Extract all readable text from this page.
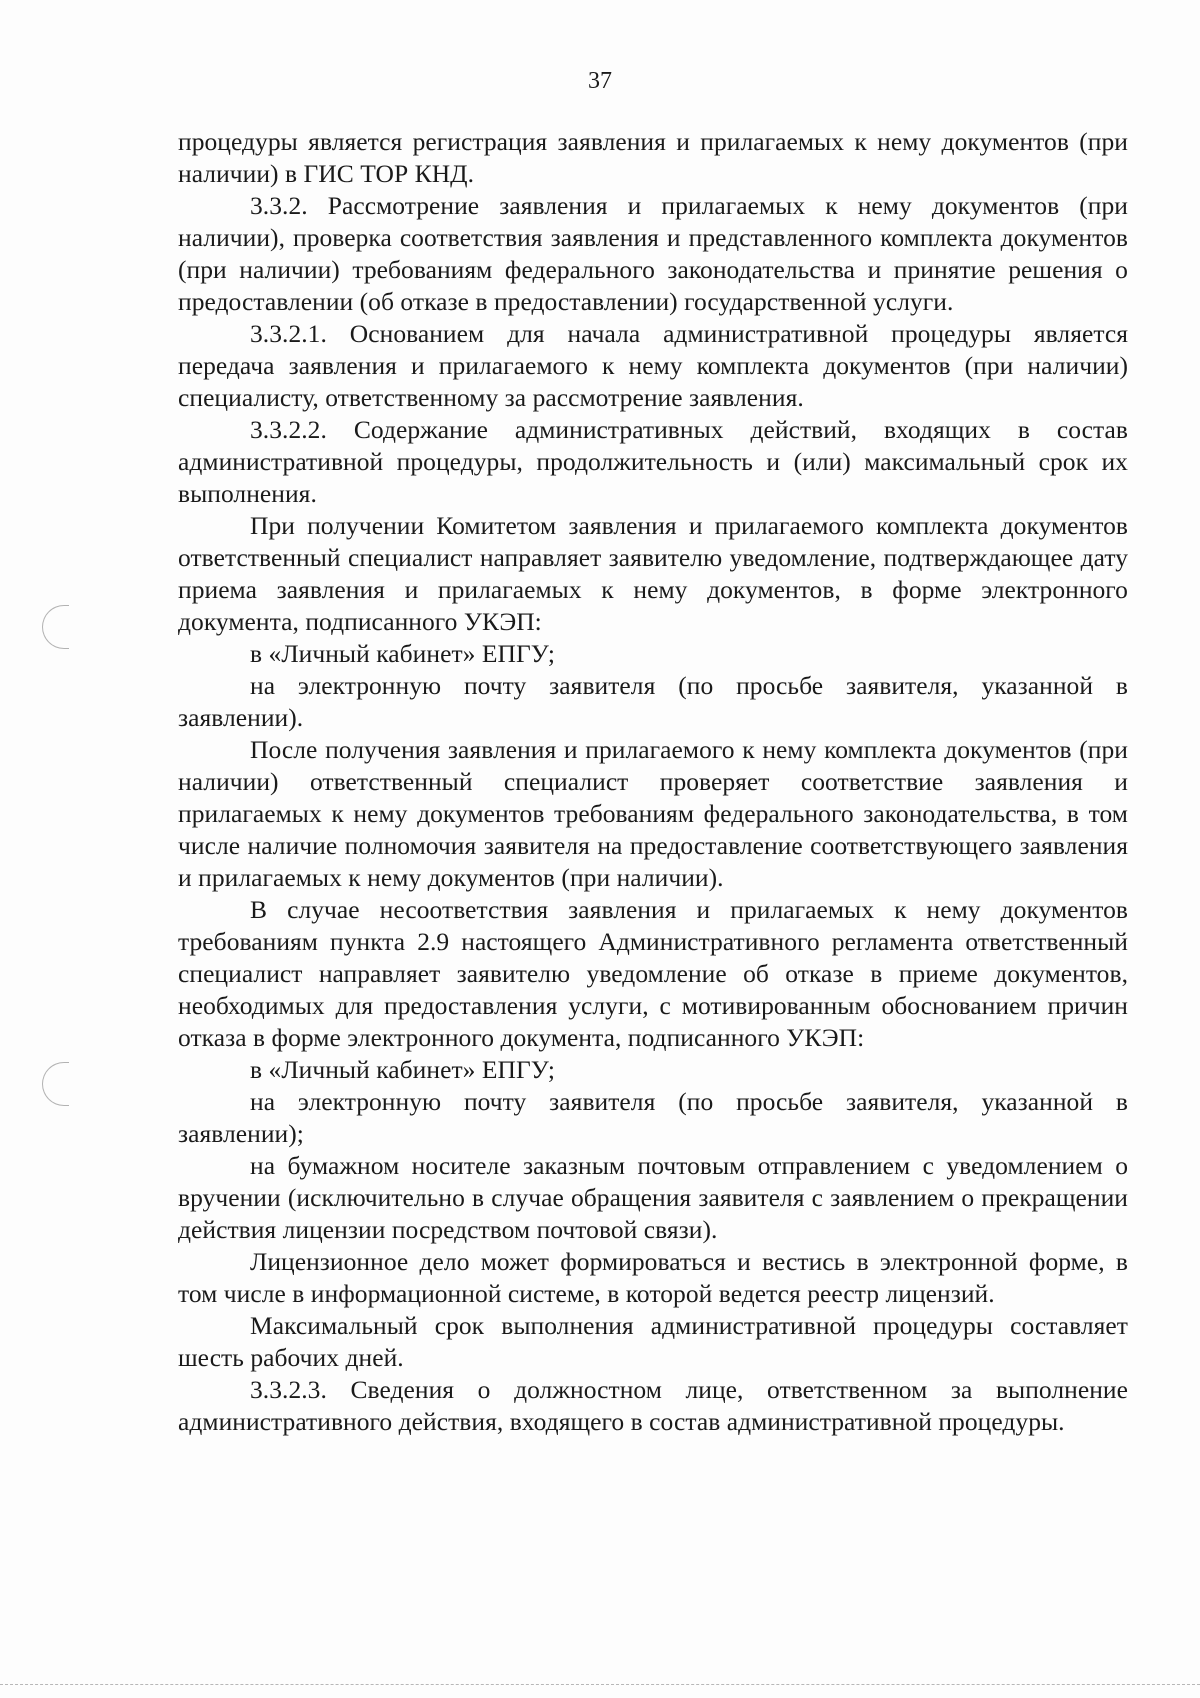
37

процедуры является регистрация заявления и прилагаемых к нему документов (при наличии) в ГИС ТОР КНД.

3.3.2. Рассмотрение заявления и прилагаемых к нему документов (при наличии), проверка соответствия заявления и представленного комплекта документов (при наличии) требованиям федерального законодательства и принятие решения о предоставлении (об отказе в предоставлении) государственной услуги.

3.3.2.1. Основанием для начала административной процедуры является передача заявления и прилагаемого к нему комплекта документов (при наличии) специалисту, ответственному за рассмотрение заявления.

3.3.2.2. Содержание административных действий, входящих в состав административной процедуры, продолжительность и (или) максимальный срок их выполнения.

При получении Комитетом заявления и прилагаемого комплекта документов ответственный специалист направляет заявителю уведомление, подтверждающее дату приема заявления и прилагаемых к нему документов, в форме электронного документа, подписанного УКЭП:

в «Личный кабинет» ЕПГУ;

на электронную почту заявителя (по просьбе заявителя, указанной в заявлении).

После получения заявления и прилагаемого к нему комплекта документов (при наличии) ответственный специалист проверяет соответствие заявления и прилагаемых к нему документов требованиям федерального законодательства, в том числе наличие полномочия заявителя на предоставление соответствующего заявления и прилагаемых к нему документов (при наличии).

В случае несоответствия заявления и прилагаемых к нему документов требованиям пункта 2.9 настоящего Административного регламента ответственный специалист направляет заявителю уведомление об отказе в приеме документов, необходимых для предоставления услуги, с мотивированным обоснованием причин отказа в форме электронного документа, подписанного УКЭП:

в «Личный кабинет» ЕПГУ;

на электронную почту заявителя (по просьбе заявителя, указанной в заявлении);

на бумажном носителе заказным почтовым отправлением с уведомлением о вручении (исключительно в случае обращения заявителя с заявлением о прекращении действия лицензии посредством почтовой связи).

Лицензионное дело может формироваться и вестись в электронной форме, в том числе в информационной системе, в которой ведется реестр лицензий.

Максимальный срок выполнения административной процедуры составляет шесть рабочих дней.

3.3.2.3. Сведения о должностном лице, ответственном за выполнение административного действия, входящего в состав административной процедуры.
